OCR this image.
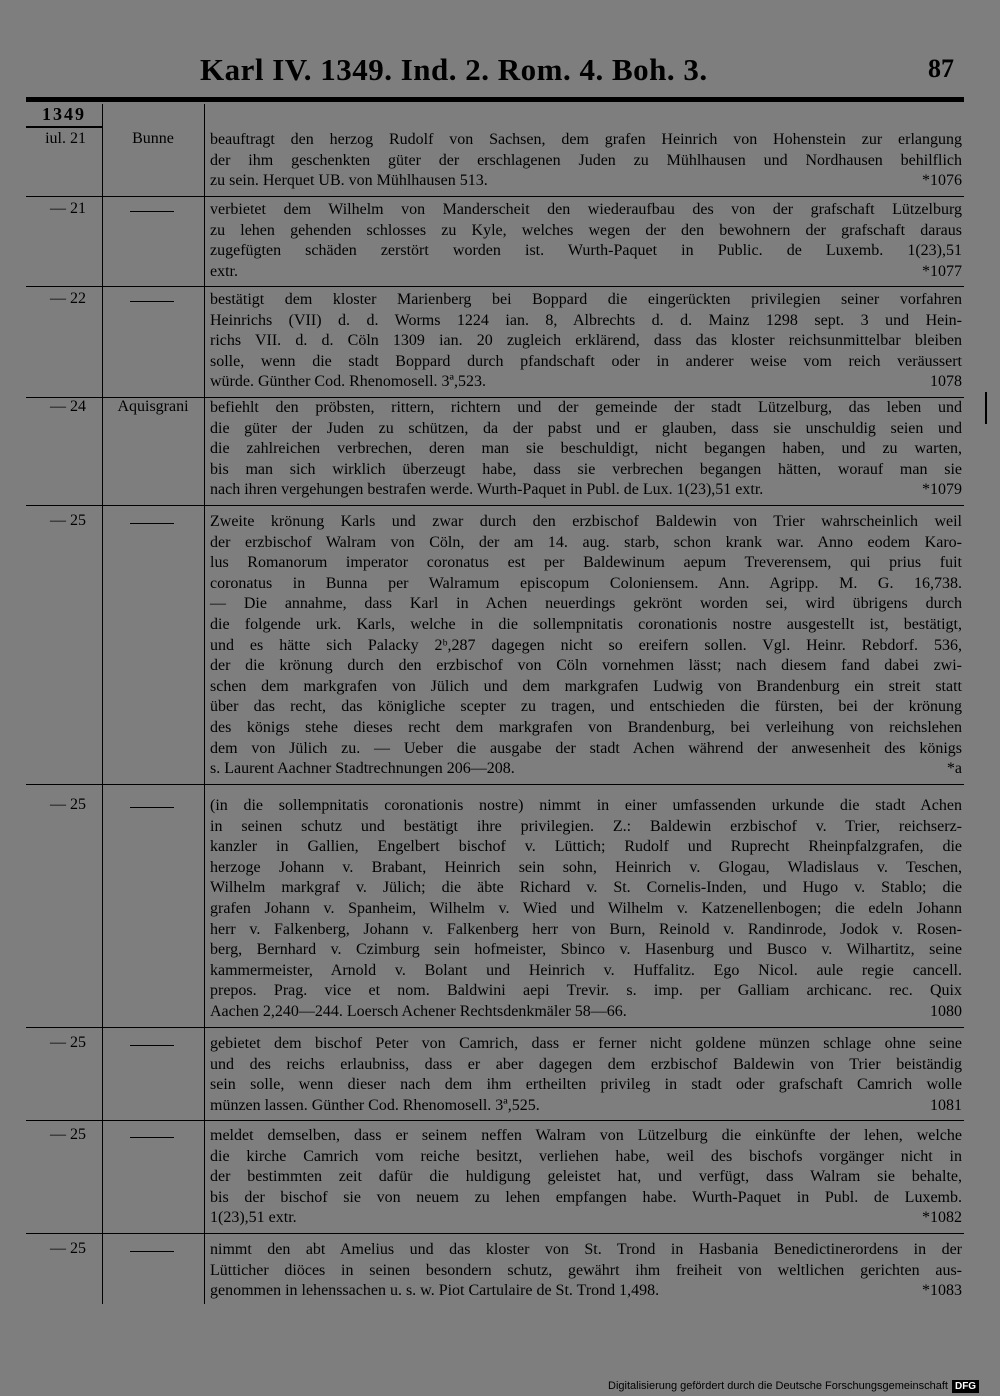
Karl IV. 1349. Ind. 2. Rom. 4. Boh. 3.	87
1349
iul. 21	Bunne	beauftragt den herzog Rudolf von Sachsen, dem grafen Heinrich von Hohenstein zur erlangung
der ihm geschenkten güter der erschlagenen Juden zu Mühlhausen und Nordhausen behilflich
zu sein. Herquet UB. von Mühlhausen 513.	*1076
— 21	verbietet dem Wilhelm von Manderscheit den wiederaufbau des von der grafschaft Lützelburg
zu lehen gehenden schlosses zu Kyle, welches wegen der den bewohnern der grafschaft daraus
zugefügten schäden zerstört worden ist. Wurth-Paquet in Public. de Luxemb. 1(23),51
extr.	*1077
— 22	bestätigt dem kloster Marienberg bei Boppard die eingerückten privilegien seiner vorfahren
Heinrichs (VII) d. d. Worms 1224 ian. 8, Albrechts d. d. Mainz 1298 sept. 3 und Hein-
richs VII. d. d. Cöln 1309 ian. 20 zugleich erklärend, dass das kloster reichsunmittelbar bleiben
solle, wenn die stadt Boppard durch pfandschaft oder in anderer weise vom reich veräussert
würde. Günther Cod. Rhenomosell. 3ª,523.	1078
— 24	Aquisgrani	befiehlt den pröbsten, rittern, richtern und der gemeinde der stadt Lützelburg, das leben und
die güter der Juden zu schützen, da der pabst und er glauben, dass sie unschuldig seien und
die zahlreichen verbrechen, deren man sie beschuldigt, nicht begangen haben, und zu warten,
bis man sich wirklich überzeugt habe, dass sie verbrechen begangen hätten, worauf man sie
nach ihren vergehungen bestrafen werde. Wurth-Paquet in Publ. de Lux. 1(23),51 extr.	*1079
— 25	Zweite krönung Karls und zwar durch den erzbischof Baldewin von Trier wahrscheinlich weil
der erzbischof Walram von Cöln, der am 14. aug. starb, schon krank war. Anno eodem Karo-
lus Romanorum imperator coronatus est per Baldewinum aepum Treverensem, qui prius fuit
coronatus in Bunna per Walramum episcopum Coloniensem. Ann. Agripp. M. G. 16,738.
— Die annahme, dass Karl in Achen neuerdings gekrönt worden sei, wird übrigens durch
die folgende urk. Karls, welche in die sollempnitatis coronationis nostre ausgestellt ist, bestätigt,
und es hätte sich Palacky 2ᵇ,287 dagegen nicht so ereifern sollen. Vgl. Heinr. Rebdorf. 536,
der die krönung durch den erzbischof von Cöln vornehmen lässt; nach diesem fand dabei zwi-
schen dem markgrafen von Jülich und dem markgrafen Ludwig von Brandenburg ein streit statt
über das recht, das königliche scepter zu tragen, und entschieden die fürsten, bei der krönung
des königs stehe dieses recht dem markgrafen von Brandenburg, bei verleihung von reichslehen
dem von Jülich zu. — Ueber die ausgabe der stadt Achen während der anwesenheit des königs
s. Laurent Aachner Stadtrechnungen 206—208.	*a
— 25	(in die sollempnitatis coronationis nostre) nimmt in einer umfassenden urkunde die stadt Achen
in seinen schutz und bestätigt ihre privilegien. Z.: Baldewin erzbischof v. Trier, reichserz-
kanzler in Gallien, Engelbert bischof v. Lüttich; Rudolf und Ruprecht Rheinpfalzgrafen, die
herzoge Johann v. Brabant, Heinrich sein sohn, Heinrich v. Glogau, Wladislaus v. Teschen,
Wilhelm markgraf v. Jülich; die äbte Richard v. St. Cornelis-Inden, und Hugo v. Stablo; die
grafen Johann v. Spanheim, Wilhelm v. Wied und Wilhelm v. Katzenellenbogen; die edeln Johann
herr v. Falkenberg, Johann v. Falkenberg herr von Burn, Reinold v. Randinrode, Jodok v. Rosen-
berg, Bernhard v. Czimburg sein hofmeister, Sbinco v. Hasenburg und Busco v. Wilhartitz, seine
kammermeister, Arnold v. Bolant und Heinrich v. Huffalitz. Ego Nicol. aule regie cancell.
prepos. Prag. vice et nom. Baldwini aepi Trevir. s. imp. per Galliam archicanc. rec. Quix
Aachen 2,240—244. Loersch Achener Rechtsdenkmäler 58—66.	1080
— 25	gebietet dem bischof Peter von Camrich, dass er ferner nicht goldene münzen schlage ohne seine
und des reichs erlaubniss, dass er aber dagegen dem erzbischof Baldewin von Trier beiständig
sein solle, wenn dieser nach dem ihm ertheilten privileg in stadt oder grafschaft Camrich wolle
münzen lassen. Günther Cod. Rhenomosell. 3ª,525.	1081
— 25	meldet demselben, dass er seinem neffen Walram von Lützelburg die einkünfte der lehen, welche
die kirche Camrich vom reiche besitzt, verliehen habe, weil des bischofs vorgänger nicht in
der bestimmten zeit dafür die huldigung geleistet hat, und verfügt, dass Walram sie behalte,
bis der bischof sie von neuem zu lehen empfangen habe. Wurth-Paquet in Publ. de Luxemb.
1(23),51 extr.	*1082
— 25	nimmt den abt Amelius und das kloster von St. Trond in Hasbania Benedictinerordens in der
Lütticher diöces in seinen besondern schutz, gewährt ihm freiheit von weltlichen gerichten aus-
genommen in lehenssachen u. s. w. Piot Cartulaire de St. Trond 1,498.	*1083
Digitalisierung gefördert durch die Deutsche Forschungsgemeinschaft DFG
